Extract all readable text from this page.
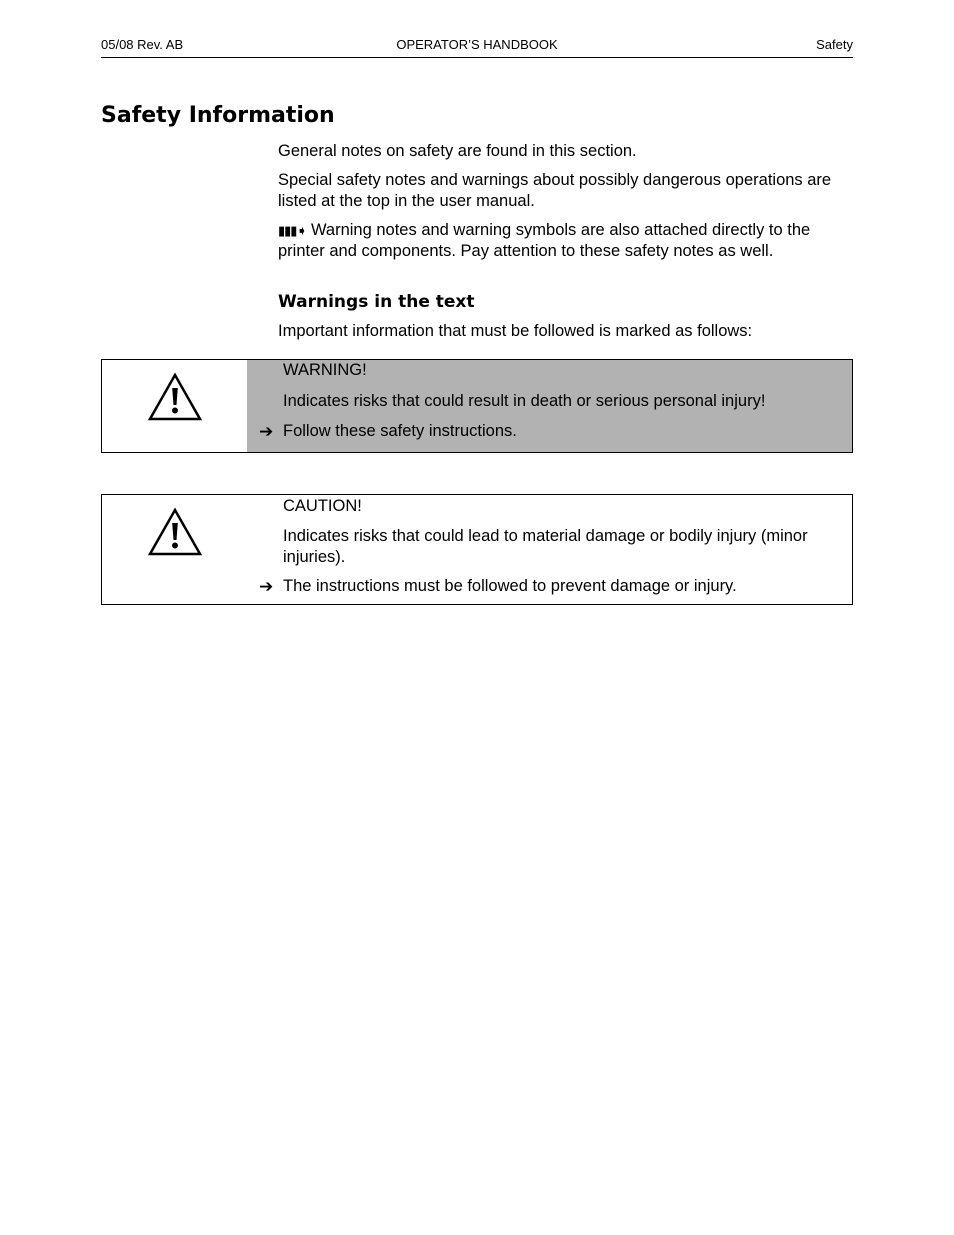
05/08 Rev. AB	OPERATOR’S HANDBOOK	Safety
Safety Information

General notes on safety are found in this section.

Special safety notes and warnings about possibly dangerous operations are listed at the top in the user manual.

▮▮▮➧ Warning notes and warning symbols are also attached directly to the printer and components. Pay attention to these safety notes as well.

Warnings in the text

Important information that must be followed is marked as follows:

WARNING!

Indicates risks that could result in death or serious personal injury!

➔ Follow these safety instructions.

CAUTION!

Indicates risks that could lead to material damage or bodily injury (minor injuries).

➔ The instructions must be followed to prevent damage or injury.
